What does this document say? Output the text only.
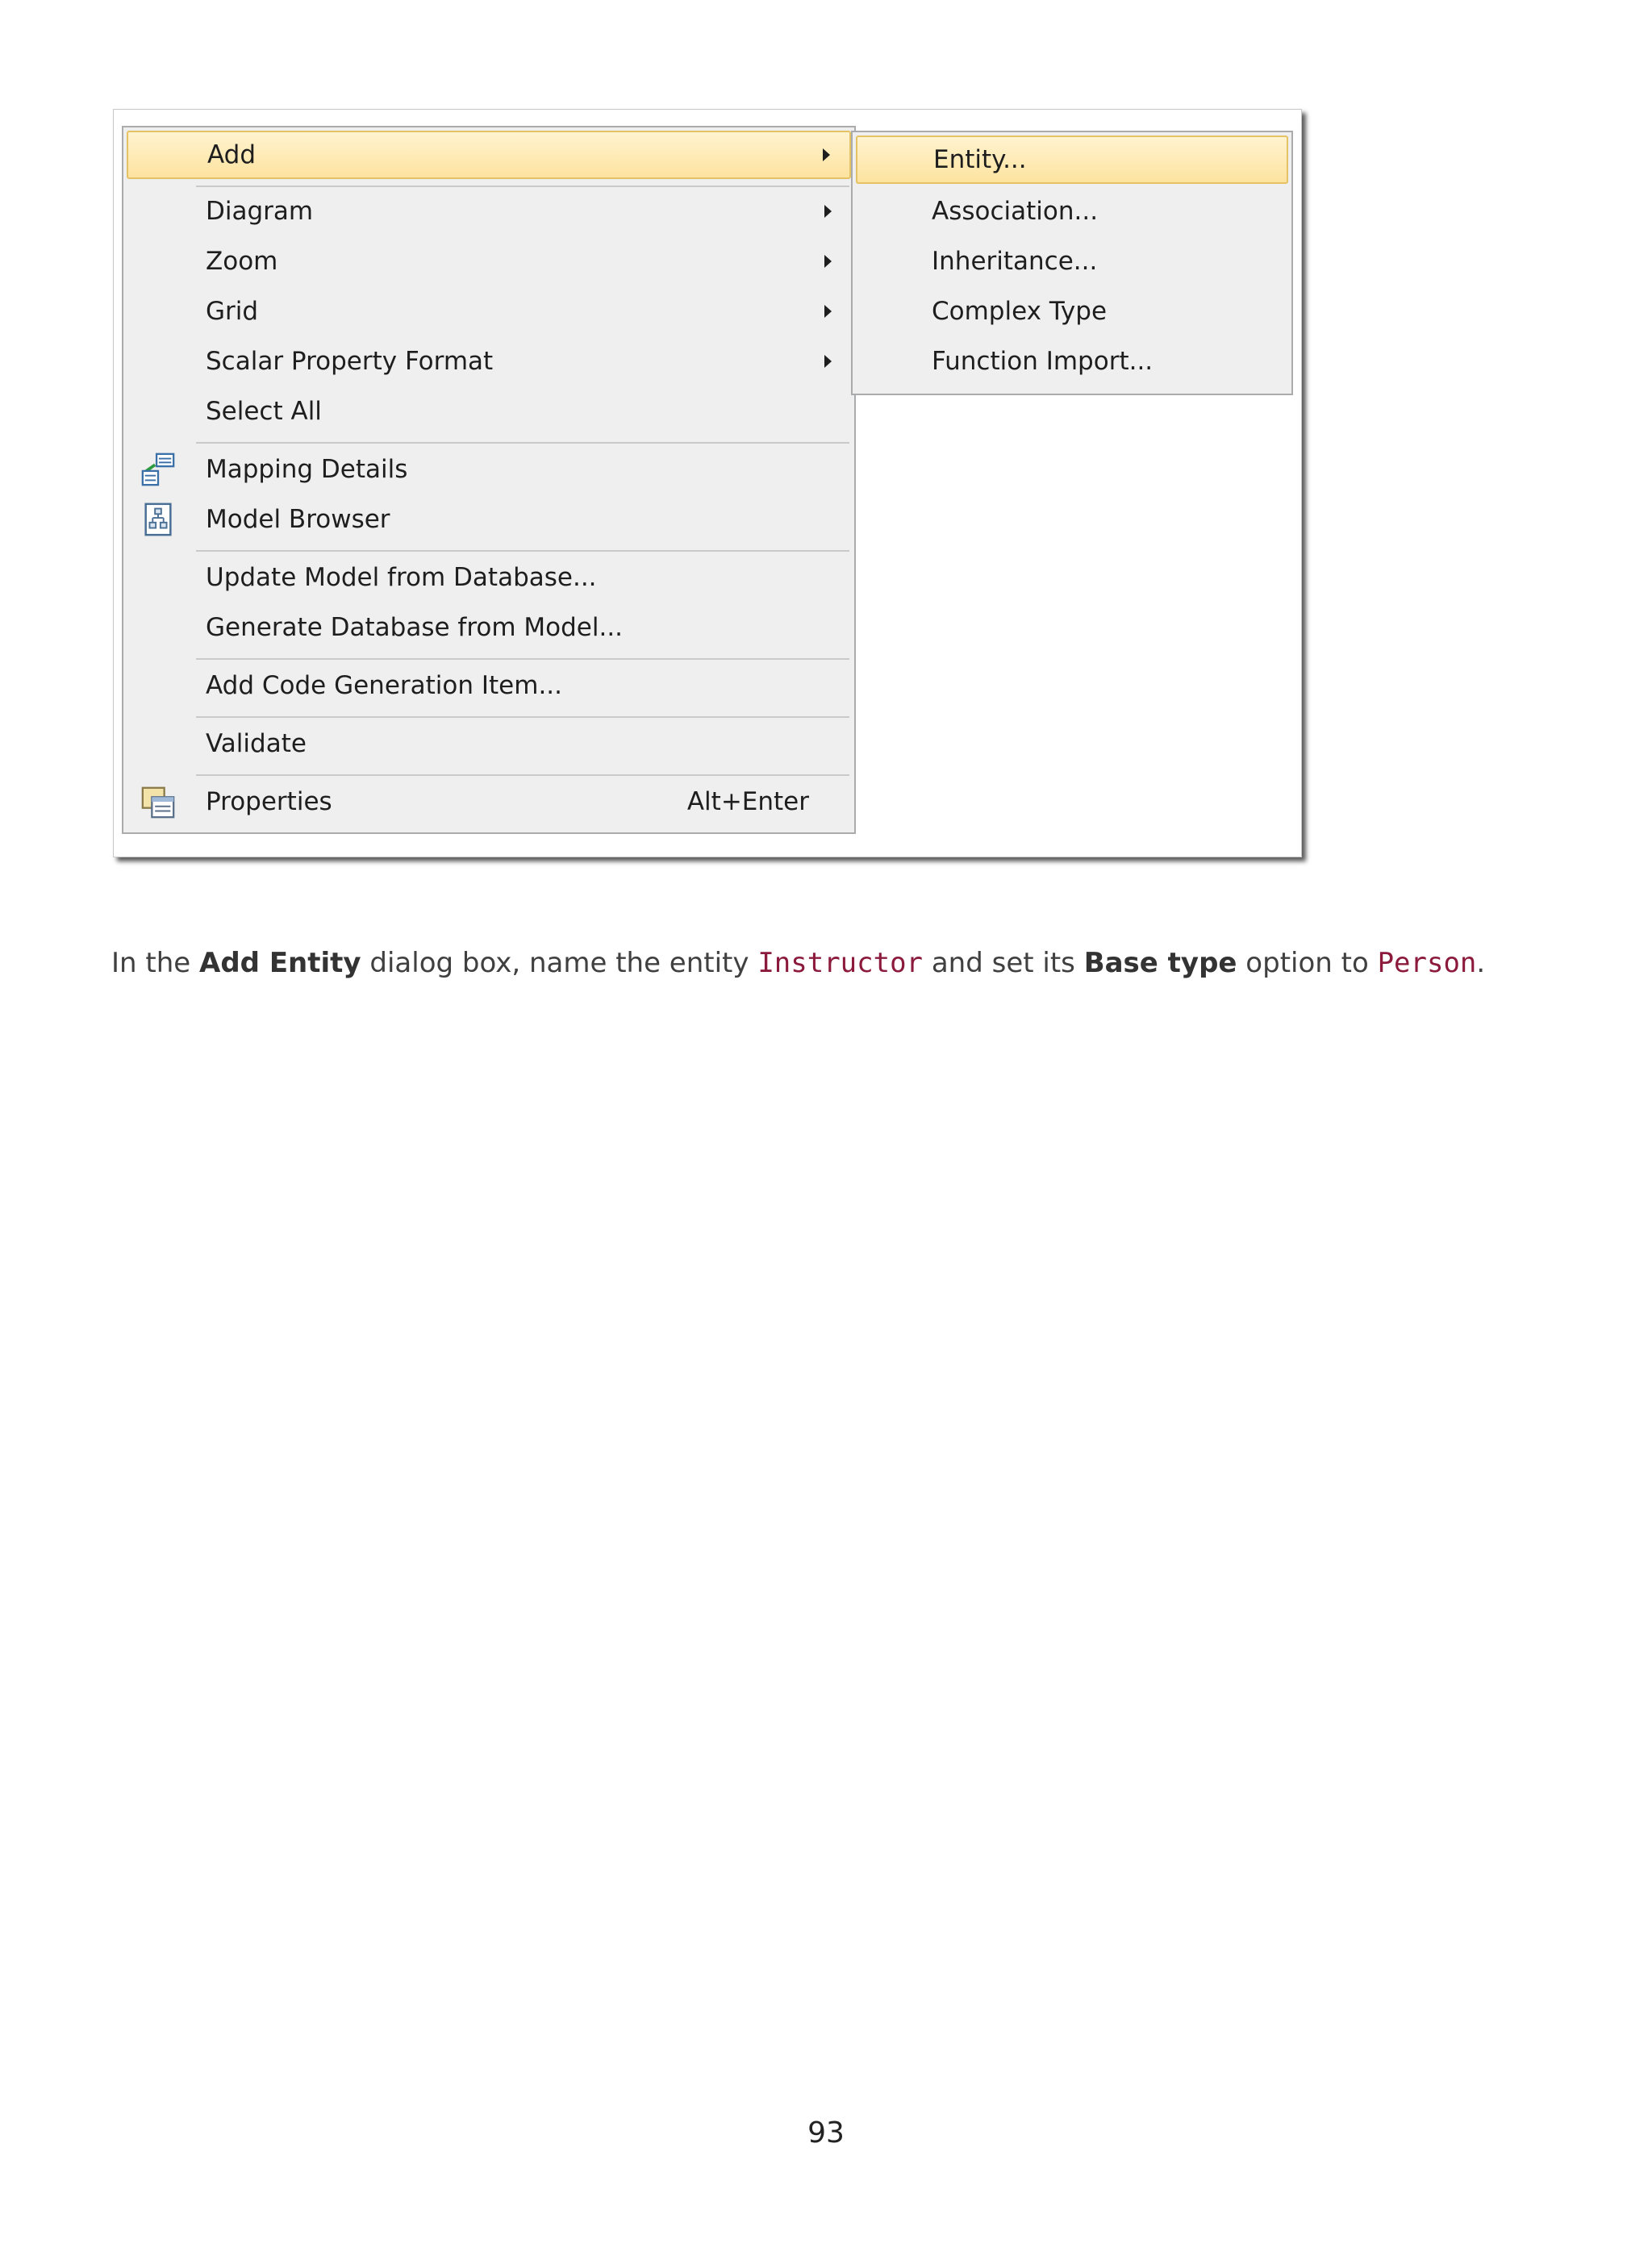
Add
Diagram
Zoom
Grid
Scalar Property Format
Select All
Mapping Details
Model Browser
Update Model from Database...
Generate Database from Model...
Add Code Generation Item...
Validate
Properties	Alt+Enter
Entity...
Association...
Inheritance...
Complex Type
Function Import...

In the Add Entity dialog box, name the entity Instructor and set its Base type option to Person.

93
